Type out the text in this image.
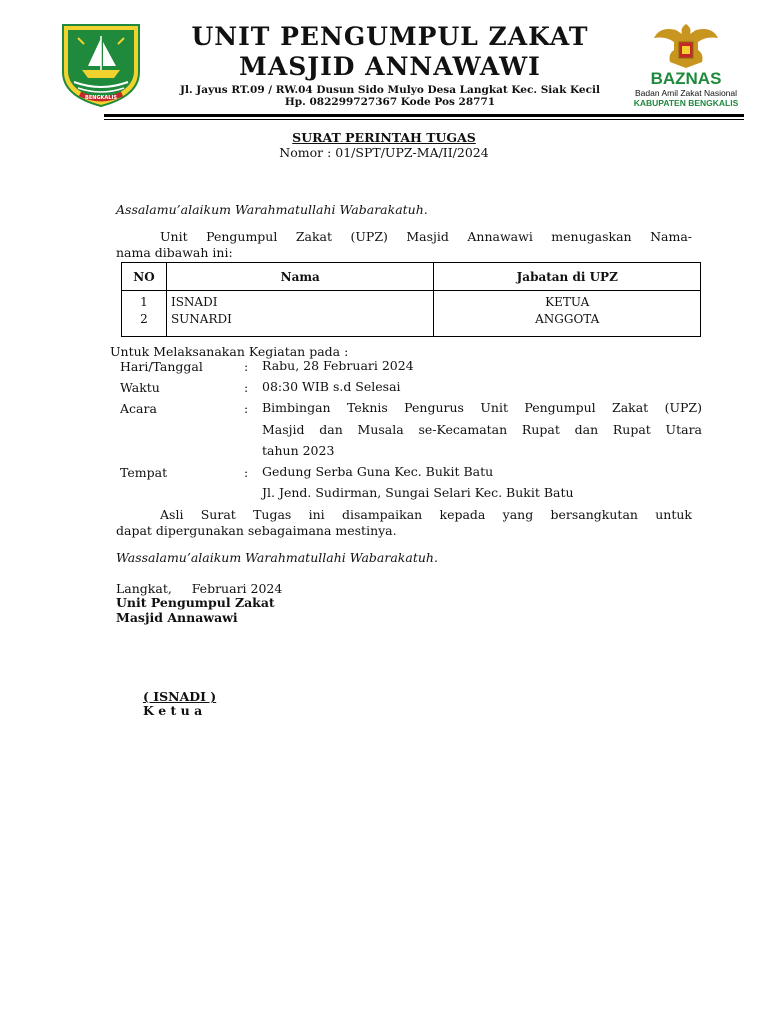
BENGKALIS
UNIT PENGUMPUL ZAKAT
MASJID ANNAWAWI
Jl. Jayus RT.09 / RW.04 Dusun Sido Mulyo Desa Langkat Kec. Siak Kecil
Hp. 082299727367 Kode Pos 28771
BAZNAS
Badan Amil Zakat Nasional
KABUPATEN BENGKALIS
SURAT PERINTAH TUGAS
Nomor : 01/SPT/UPZ-MA/II/2024
Assalamu’alaikum Warahmatullahi Wabarakatuh.
Unit Pengumpul Zakat (UPZ) Masjid Annawawi menugaskan Nama-
nama dibawah ini:
NO	Nama	Jabatan di UPZ
1	ISNADI	KETUA
2	SUNARDI	ANGGOTA
Untuk Melaksanakan Kegiatan pada :
Hari/Tanggal	: Rabu, 28 Februari 2024
Waktu	: 08:30 WIB s.d Selesai
Acara	: Bimbingan Teknis Pengurus Unit Pengumpul Zakat (UPZ)
Masjid dan Musala se-Kecamatan Rupat dan Rupat Utara
tahun 2023
Tempat	: Gedung Serba Guna Kec. Bukit Batu
Jl. Jend. Sudirman, Sungai Selari Kec. Bukit Batu
Asli Surat Tugas ini disampaikan kepada yang bersangkutan untuk
dapat dipergunakan sebagaimana mestinya.
Wassalamu’alaikum Warahmatullahi Wabarakatuh.
Langkat,     Februari 2024
Unit Pengumpul Zakat
Masjid Annawawi
( ISNADI )
K e t u a
